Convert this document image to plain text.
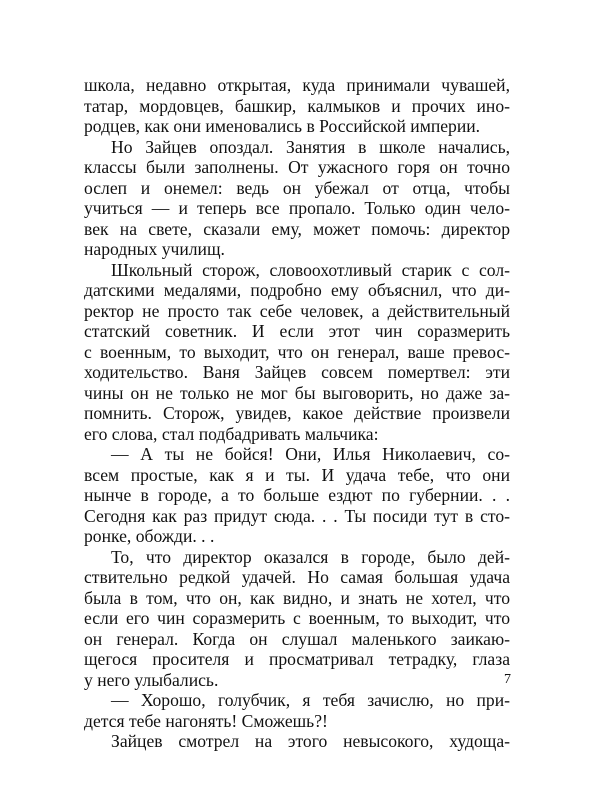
школа, недавно открытая, куда принимали чувашей,
татар, мордовцев, башкир, калмыков и прочих ино-
родцев, как они именовались в Российской империи.
Но Зайцев опоздал. Занятия в школе начались,
классы были заполнены. От ужасного горя он точно
ослеп и онемел: ведь он убежал от отца, чтобы
учиться — и теперь все пропало. Только один чело-
век на свете, сказали ему, может помочь: директор
народных училищ.
Школьный сторож, словоохотливый старик с сол-
датскими медалями, подробно ему объяснил, что ди-
ректор не просто так себе человек, а действительный
статский советник. И если этот чин соразмерить
с военным, то выходит, что он генерал, ваше превос-
ходительство. Ваня Зайцев совсем помертвел: эти
чины он не только не мог бы выговорить, но даже за-
помнить. Сторож, увидев, какое действие произвели
его слова, стал подбадривать мальчика:
— А ты не бойся! Они, Илья Николаевич, со-
всем простые, как я и ты. И удача тебе, что они
нынче в городе, а то больше ездют по губернии. . .
Сегодня как раз придут сюда. . . Ты посиди тут в сто-
ронке, обожди. . .
То, что директор оказался в городе, было дей-
ствительно редкой удачей. Но самая большая удача
была в том, что он, как видно, и знать не хотел, что
если его чин соразмерить с военным, то выходит, что
он генерал. Когда он слушал маленького заикаю-
щегося просителя и просматривал тетрадку, глаза
у него улыбались.
— Хорошо, голубчик, я тебя зачислю, но при-
дется тебе нагонять! Сможешь?!
Зайцев смотрел на этого невысокого, худоща-
7
